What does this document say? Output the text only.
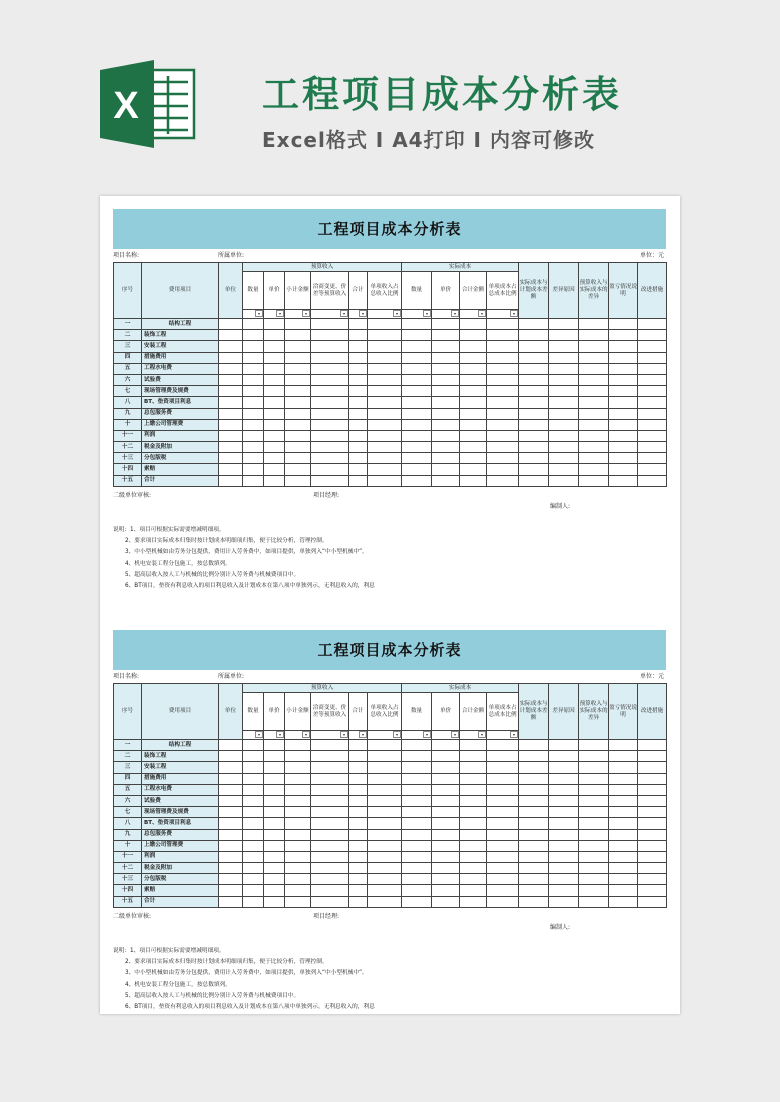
X	工程项目成本分析表
Excel格式 I A4打印 I 内容可修改
工程项目成本分析表
项目名称:	所属单位:	单位：元
序号	费用项目	单位	预算收入						实际成本				实际成本与计划成本差额	差异原因	预算收入与实际成本的差异	盈亏情况说明	改进措施	
			数量	单价	小计金额	洽商变更、价差等预算收入	合计	单项收入占总收入比例	数量	单价	合计金额	单项成本占总成本比例						

一	结构工程																	
二	装饰工程																	
三	安装工程																	
四	措施费用																	
五	工程水电费																	
六	试验费																	
七	现场管理费及规费																	
八	BT、垫资项目利息																	
九	总包服务费																	
十	上缴公司管理费																	
十一	利润																	
十二	税金及附加																	
十三	分包版税																	
十四	索赔																	
十五	合计																	
二级单位审核:	项目经理:
编制人:
说明：1、项目可根据实际需要增减明细项。
2、要求项目实际成本归集时按计划成本明细项归集，便于比较分析，管理控制。
3、中小型机械如由劳务分包提供，费用计入劳务费中，如项目提供，单独列入“中小型机械中”。
4、机电安装工程分包施工，按总数填列。
5、超高层收入按人工与机械的比例分别计入劳务费与机械费项目中。
6、BT项目，垫资有利息收入的项目利息收入及计划成本在第八项中单独列示，无利息收入的，利息
工程项目成本分析表
项目名称:	所属单位:	单位：元
序号	费用项目	单位	预算收入						实际成本				实际成本与计划成本差额	差异原因	预算收入与实际成本的差异	盈亏情况说明	改进措施	
			数量	单价	小计金额	洽商变更、价差等预算收入	合计	单项收入占总收入比例	数量	单价	合计金额	单项成本占总成本比例						

一	结构工程																	
二	装饰工程																	
三	安装工程																	
四	措施费用																	
五	工程水电费																	
六	试验费																	
七	现场管理费及规费																	
八	BT、垫资项目利息																	
九	总包服务费																	
十	上缴公司管理费																	
十一	利润																	
十二	税金及附加																	
十三	分包版税																	
十四	索赔																	
十五	合计																	
二级单位审核:	项目经理:
编制人:
说明：1、项目可根据实际需要增减明细项。
2、要求项目实际成本归集时按计划成本明细项归集，便于比较分析，管理控制。
3、中小型机械如由劳务分包提供，费用计入劳务费中，如项目提供，单独列入“中小型机械中”。
4、机电安装工程分包施工，按总数填列。
5、超高层收入按人工与机械的比例分别计入劳务费与机械费项目中。
6、BT项目，垫资有利息收入的项目利息收入及计划成本在第八项中单独列示，无利息收入的，利息
